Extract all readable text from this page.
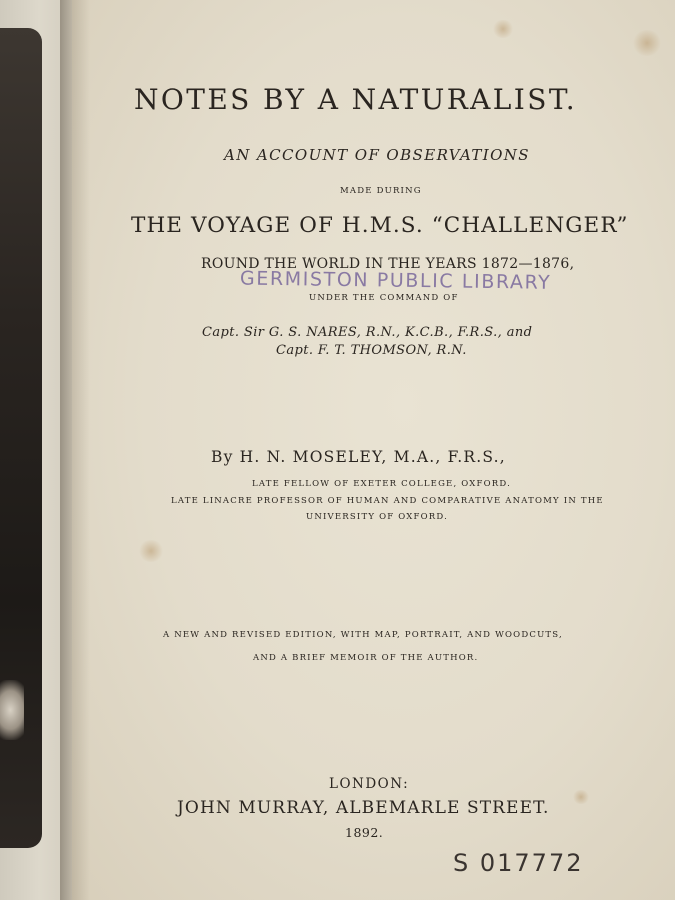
NOTES BY A NATURALIST.
AN ACCOUNT OF OBSERVATIONS
MADE DURING
THE VOYAGE OF H.M.S. “CHALLENGER”
ROUND THE WORLD IN THE YEARS 1872—1876,
GERMISTON PUBLIC LIBRARY
UNDER THE COMMAND OF
Capt. Sir G. S. NARES, R.N., K.C.B., F.R.S., and
Capt. F. T. THOMSON, R.N.
By H. N. MOSELEY, M.A., F.R.S.,
LATE FELLOW OF EXETER COLLEGE, OXFORD.
LATE LINACRE PROFESSOR OF HUMAN AND COMPARATIVE ANATOMY IN THE
UNIVERSITY OF OXFORD.
A NEW AND REVISED EDITION, WITH MAP, PORTRAIT, AND WOODCUTS,
AND A BRIEF MEMOIR OF THE AUTHOR.
LONDON:
JOHN MURRAY, ALBEMARLE STREET.
1892.
S 017772
